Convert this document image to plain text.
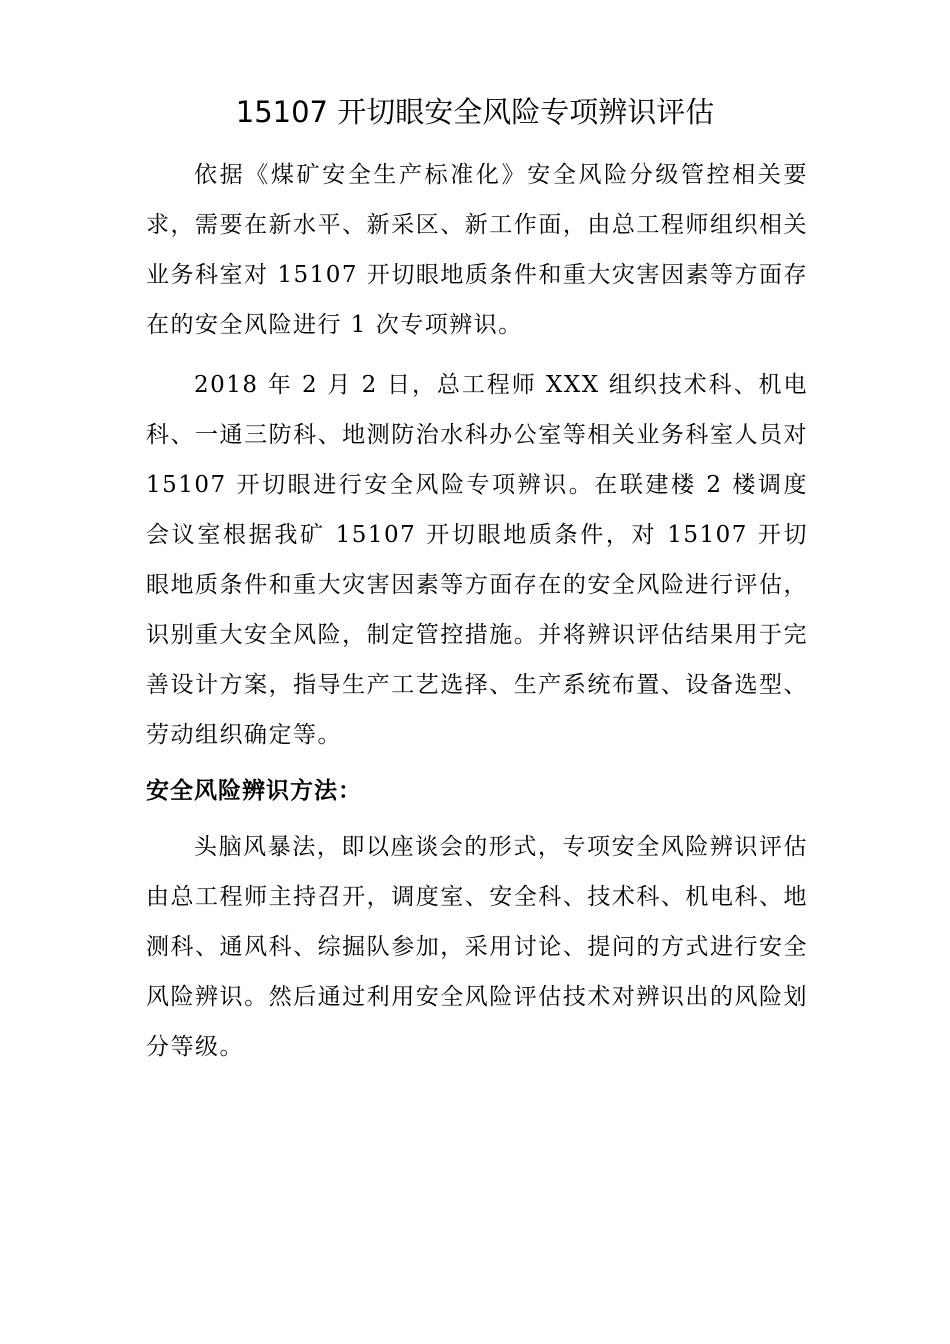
15107 开切眼安全风险专项辨识评估

依据《煤矿安全生产标准化》安全风险分级管控相关要求，需要在新水平、新采区、新工作面，由总工程师组织相关业务科室对 15107 开切眼地质条件和重大灾害因素等方面存在的安全风险进行 1 次专项辨识。

2018 年 2 月 2 日，总工程师 XXX 组织技术科、机电科、一通三防科、地测防治水科办公室等相关业务科室人员对 15107 开切眼进行安全风险专项辨识。在联建楼 2 楼调度会议室根据我矿 15107 开切眼地质条件，对 15107 开切眼地质条件和重大灾害因素等方面存在的安全风险进行评估，识别重大安全风险，制定管控措施。并将辨识评估结果用于完善设计方案，指导生产工艺选择、生产系统布置、设备选型、劳动组织确定等。

安全风险辨识方法：

头脑风暴法，即以座谈会的形式，专项安全风险辨识评估由总工程师主持召开，调度室、安全科、技术科、机电科、地测科、通风科、综掘队参加，采用讨论、提问的方式进行安全风险辨识。然后通过利用安全风险评估技术对辨识出的风险划分等级。
